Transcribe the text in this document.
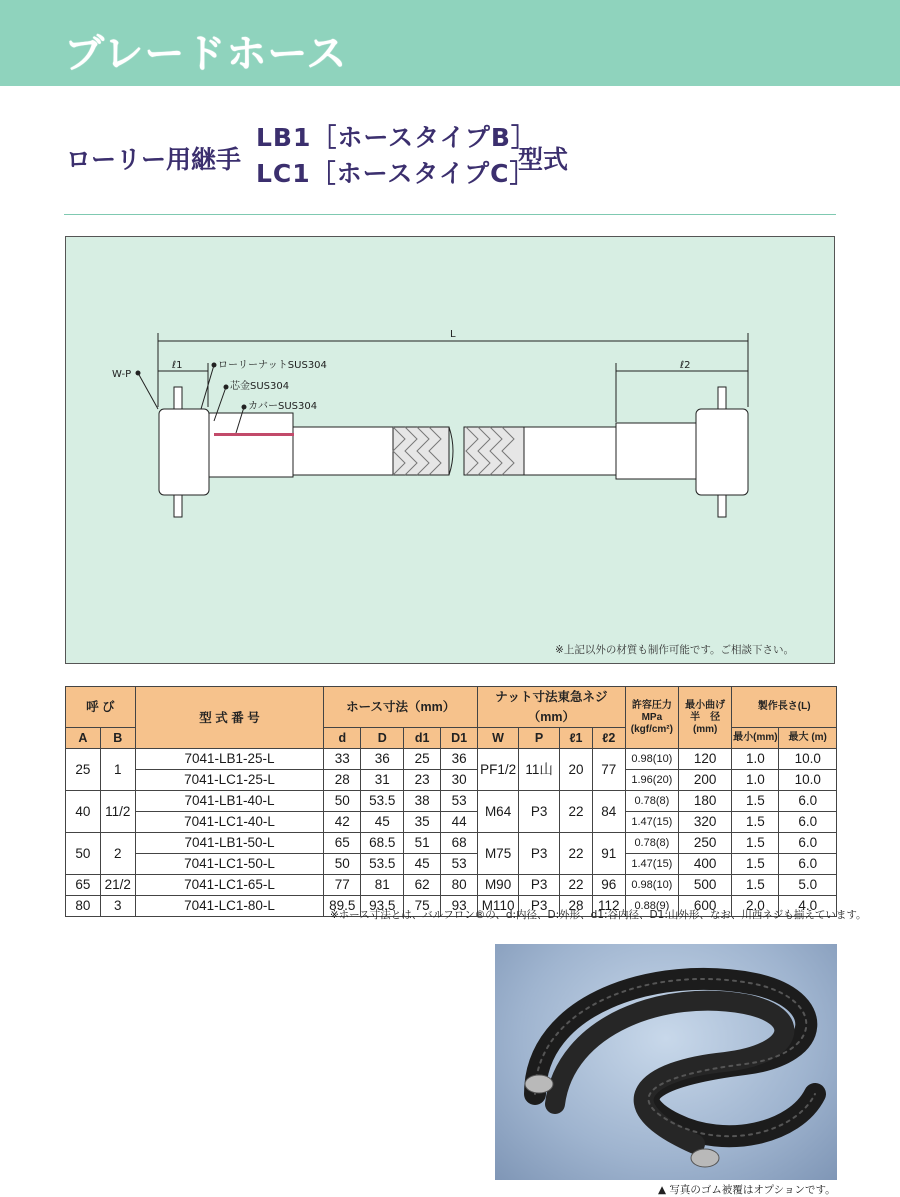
ブレードホース
ローリー用継手
LB1［ホースタイプB］
LC1［ホースタイプC］
型式
L
ℓ1	ℓ2
W-P
ローリーナットSUS304
芯金SUS304
カバーSUS304
※上記以外の材質も制作可能です。ご相談下さい。
呼 び		型 式 番 号	ホース寸法（mm）				ナット寸法東急ネジ（mm）				許容圧力
MPa
(kgf/cm²)	最小曲げ
半　径
(mm)	製作長さ(L)	
A	B		d	D	d1	D1	W	P	ℓ1	ℓ2			最小(mm)	最大 (m)
25	1	7041-LB1-25-L	33	36	25	36	PF1/2	11山	20	77	0.98(10)	120	1.0	10.0
		7041-LC1-25-L	28	31	23	30					1.96(20)	200	1.0	10.0
40	11/2	7041-LB1-40-L	50	53.5	38	53	M64	P3	22	84	0.78(8)	180	1.5	6.0
		7041-LC1-40-L	42	45	35	44					1.47(15)	320	1.5	6.0
50	2	7041-LB1-50-L	65	68.5	51	68	M75	P3	22	91	0.78(8)	250	1.5	6.0
		7041-LC1-50-L	50	53.5	45	53					1.47(15)	400	1.5	6.0
65	21/2	7041-LC1-65-L	77	81	62	80	M90	P3	22	96	0.98(10)	500	1.5	5.0
80	3	7041-LC1-80-L	89.5	93.5	75	93	M110	P3	28	112	0.88(9)	600	2.0	4.0
※ホース寸法とは、バルフロン®の、d:内径、D:外形、d1:谷内径、D1:山外形、なお、川西ネジも揃えています。
▲ 写真のゴム被覆はオプションです。
